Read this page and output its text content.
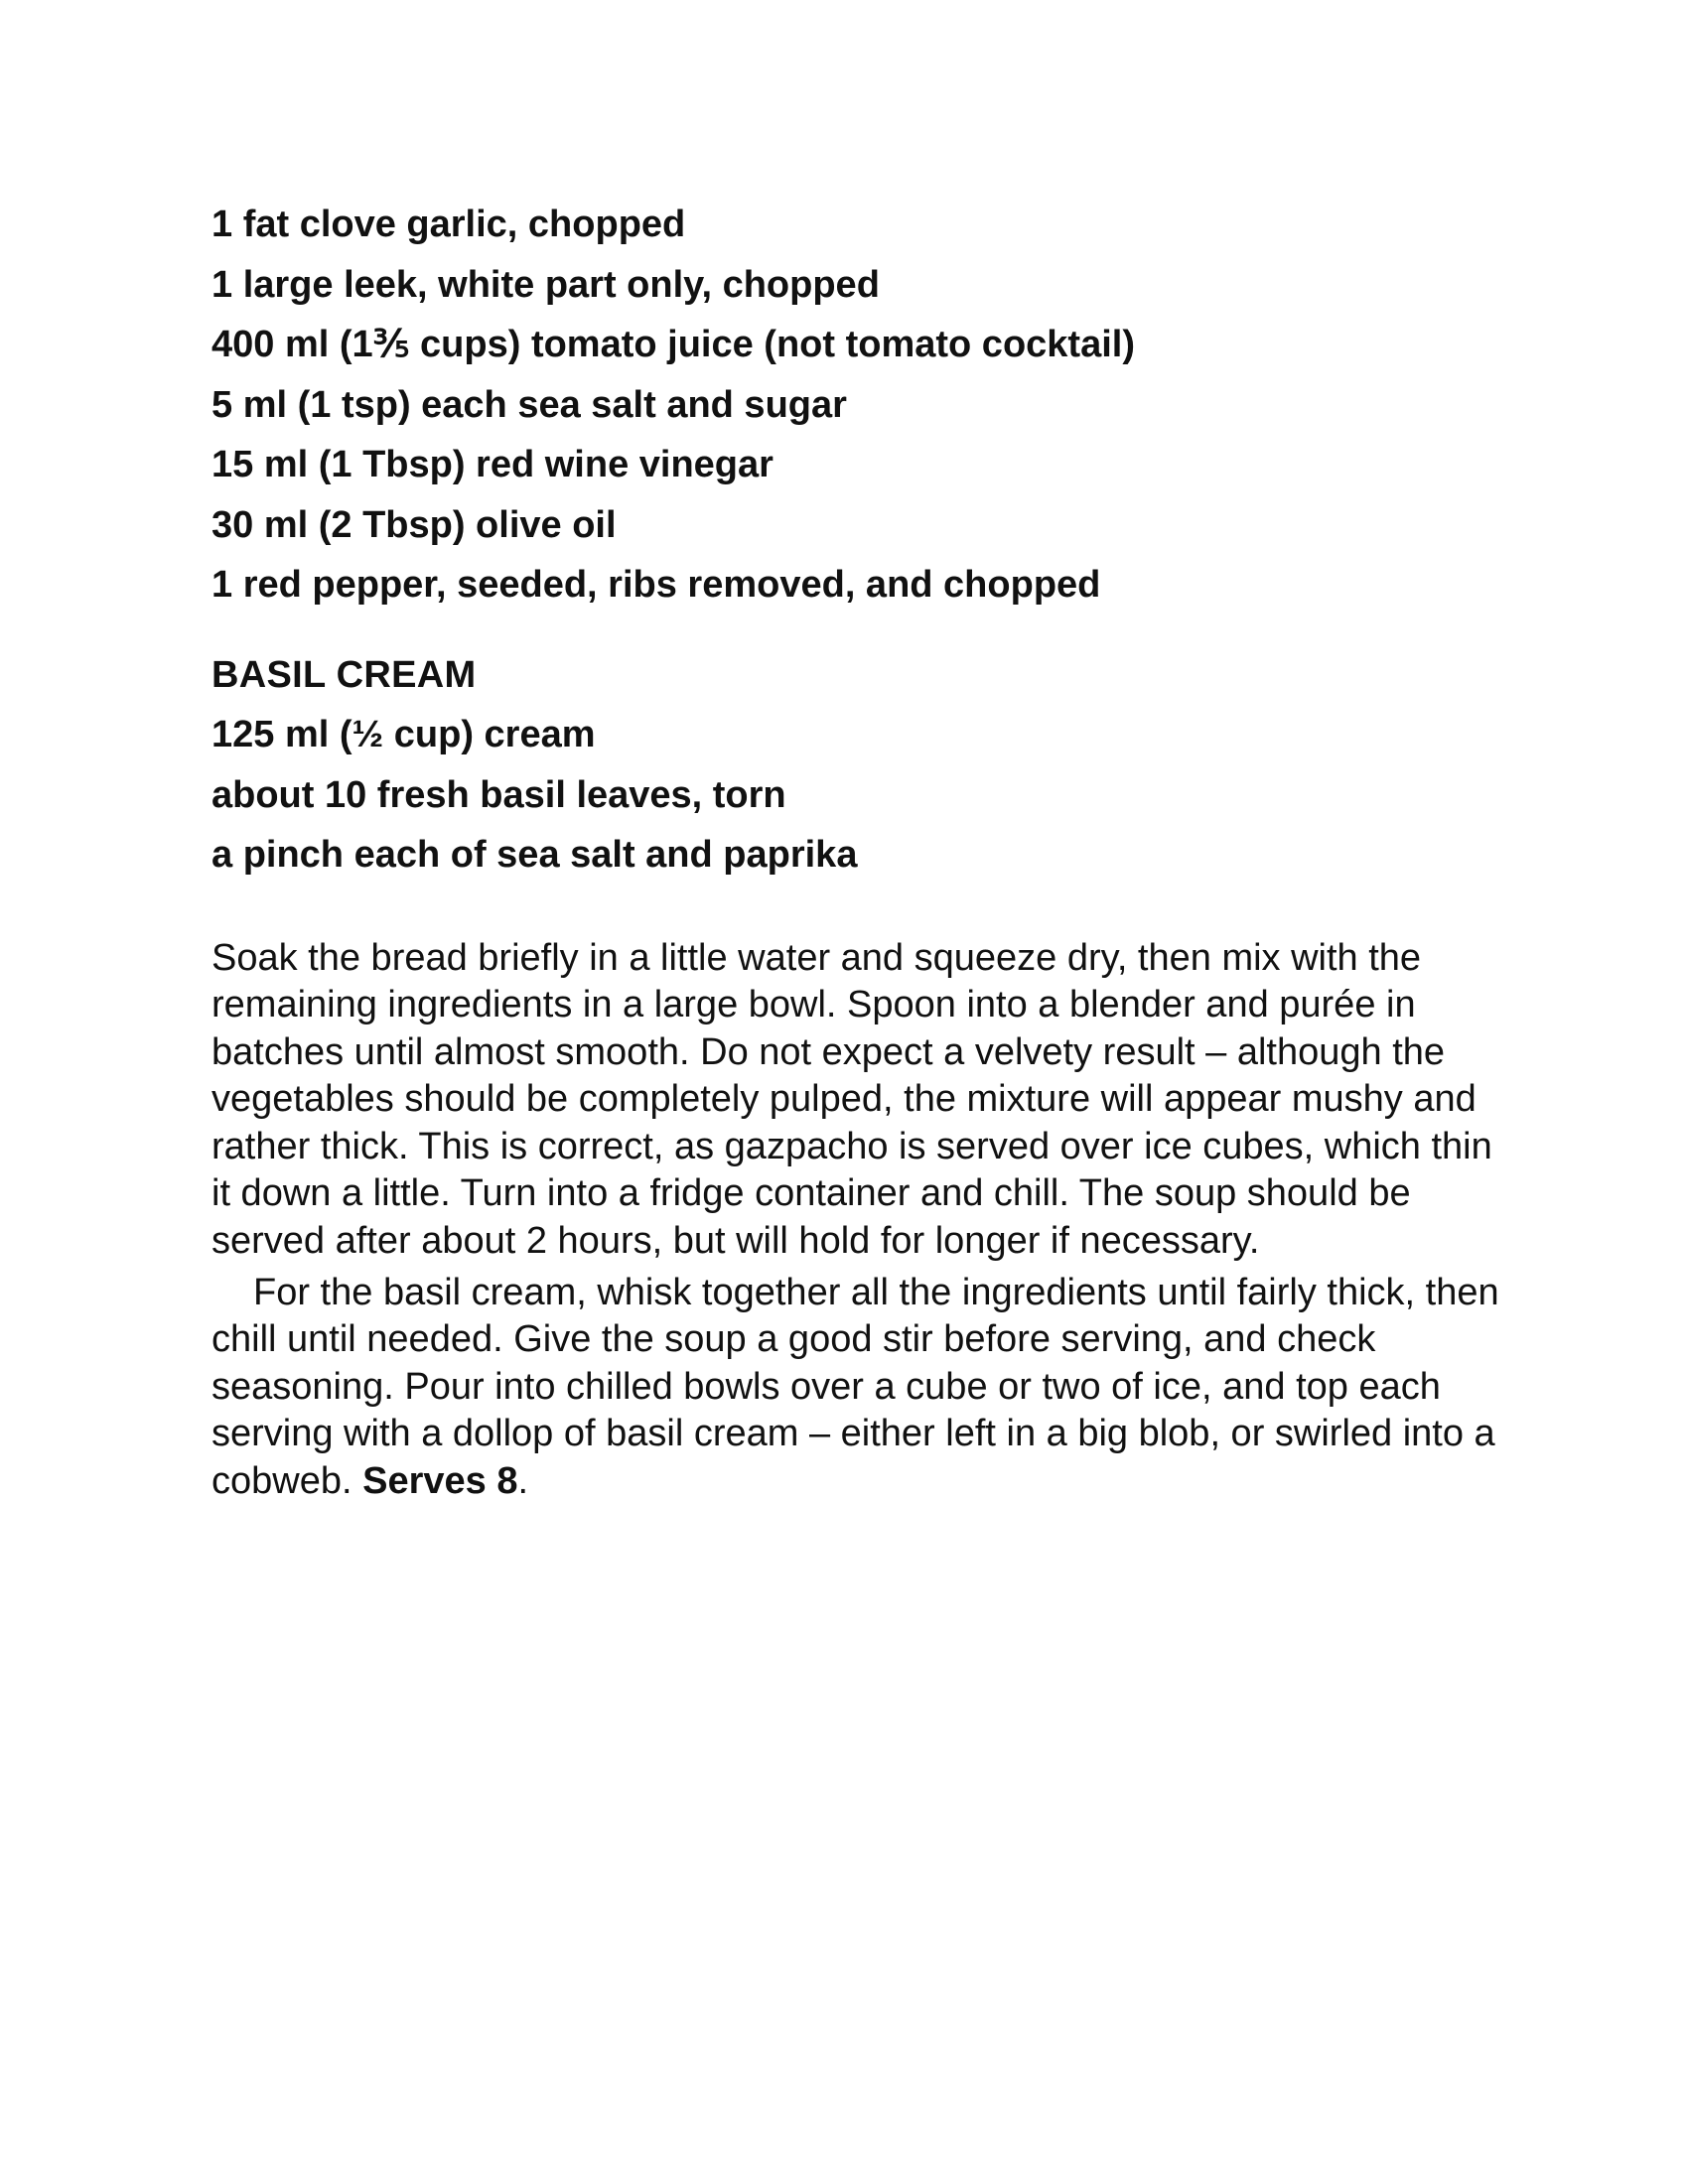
1 fat clove garlic, chopped
1 large leek, white part only, chopped
400 ml (1⅗ cups) tomato juice (not tomato cocktail)
5 ml (1 tsp) each sea salt and sugar
15 ml (1 Tbsp) red wine vinegar
30 ml (2 Tbsp) olive oil
1 red pepper, seeded, ribs removed, and chopped
BASIL CREAM
125 ml (½ cup) cream
about 10 fresh basil leaves, torn
a pinch each of sea salt and paprika

Soak the bread briefly in a little water and squeeze dry, then mix with the remaining ingredients in a large bowl. Spoon into a blender and purée in batches until almost smooth. Do not expect a velvety result – although the vegetables should be completely pulped, the mixture will appear mushy and rather thick. This is correct, as gazpacho is served over ice cubes, which thin it down a little. Turn into a fridge container and chill. The soup should be served after about 2 hours, but will hold for longer if necessary.

For the basil cream, whisk together all the ingredients until fairly thick, then chill until needed. Give the soup a good stir before serving, and check seasoning. Pour into chilled bowls over a cube or two of ice, and top each serving with a dollop of basil cream – either left in a big blob, or swirled into a cobweb. Serves 8.
